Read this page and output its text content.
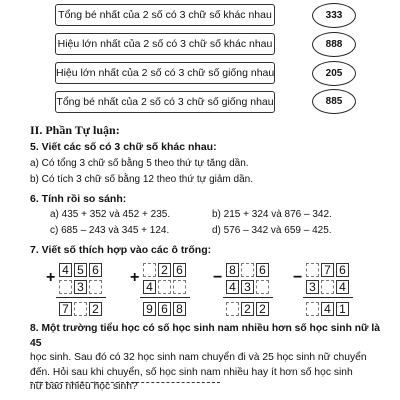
Tổng bé nhất của 2 số có 3 chữ số khác nhau
Hiệu lớn nhất của 2 số có 3 chữ số khác nhau
Hiệu lớn nhất của 2 số có 3 chữ số giống nhau
Tổng bé nhất của 2 số có 3 chữ số giống nhau
333
888
205
885
II. Phần Tự luận:
5. Viết các số có 3 chữ số khác nhau:
a) Có tổng 3 chữ số bằng 5 theo thứ tự tăng dần.
b) Có tích 3 chữ số bằng 12 theo thứ tự giảm dần.
6. Tính rồi so sánh:
a) 435 + 352 và 452 + 235.	b) 215 + 324 và 876 – 342.
c) 685 – 243 và 345 + 124.	d) 576 – 342 và 659 – 425.
7. Viết số thích hợp vào các ô trống:
+ 4 5 6
3
7 2
+ 2 6
4
9 6 8
− 8 6
4 3
2 2
− 7 6
3 4
4 1
8. Một trường tiểu học có số học sinh nam nhiều hơn số học sinh nữ là 45
học sinh. Sau đó có 32 học sinh nam chuyển đi và 25 học sinh nữ chuyển
đến. Hỏi sau khi chuyển, số học sinh nam nhiều hay ít hơn số học sinh
nữ bao nhiêu học sinh?
